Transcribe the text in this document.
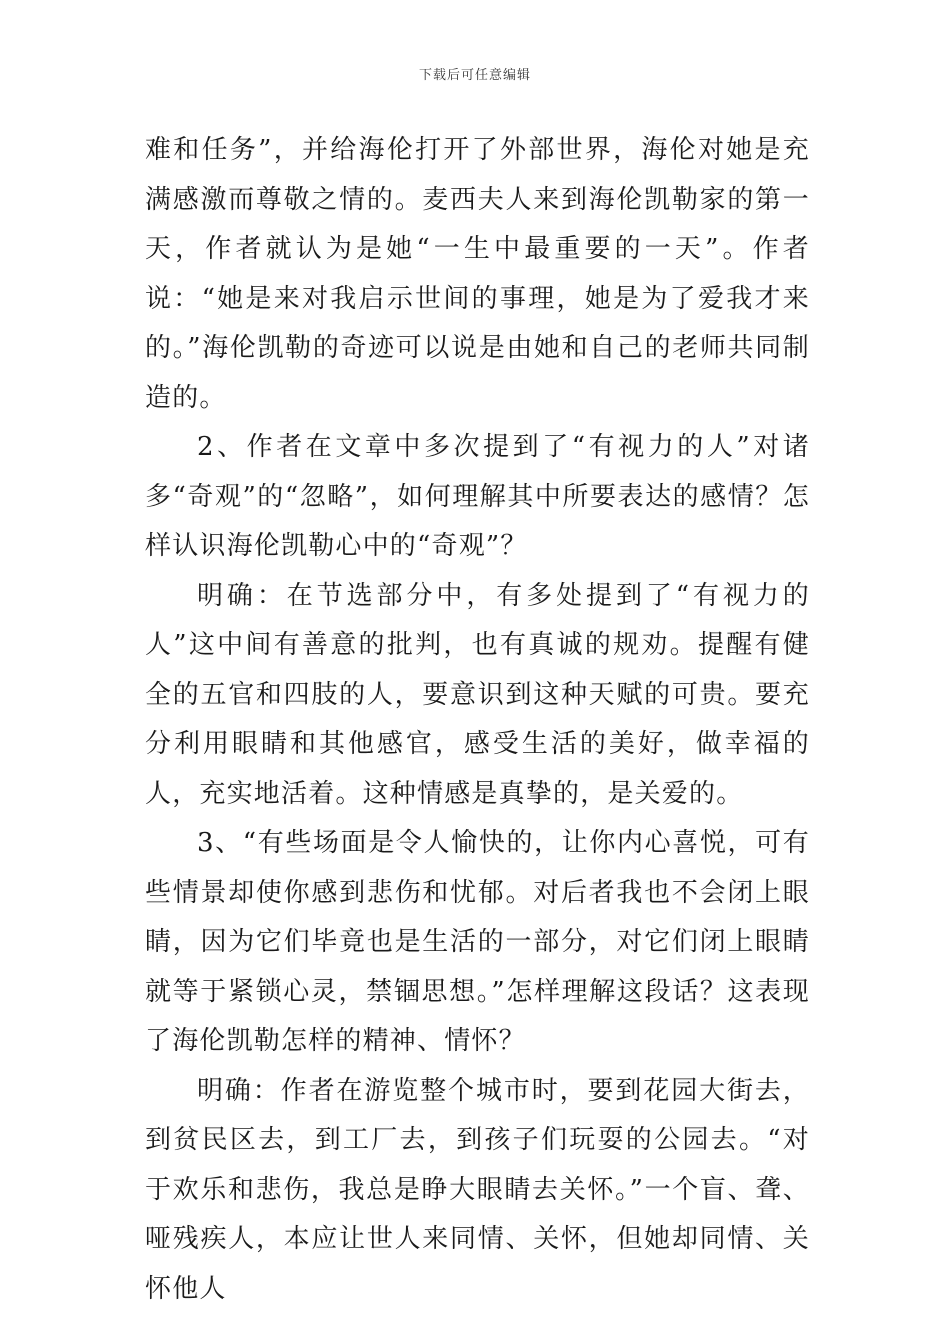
下载后可任意编辑

难和任务”，并给海伦打开了外部世界，海伦对她是充满感激而尊敬之情的。麦西夫人来到海伦凯勒家的第一天，作者就认为是她“一生中最重要的一天”。作者说：“她是来对我启示世间的事理，她是为了爱我才来的。”海伦凯勒的奇迹可以说是由她和自己的老师共同制造的。

2、作者在文章中多次提到了“有视力的人”对诸多“奇观”的“忽略”，如何理解其中所要表达的感情？怎样认识海伦凯勒心中的“奇观”？

明确：在节选部分中，有多处提到了“有视力的人”这中间有善意的批判，也有真诚的规劝。提醒有健全的五官和四肢的人，要意识到这种天赋的可贵。要充分利用眼睛和其他感官，感受生活的美好，做幸福的人，充实地活着。这种情感是真挚的，是关爱的。

3、“有些场面是令人愉快的，让你内心喜悦，可有些情景却使你感到悲伤和忧郁。对后者我也不会闭上眼睛，因为它们毕竟也是生活的一部分，对它们闭上眼睛就等于紧锁心灵，禁锢思想。”怎样理解这段话？这表现了海伦凯勒怎样的精神、情怀？

明确：作者在游览整个城市时，要到花园大街去，到贫民区去，到工厂去，到孩子们玩耍的公园去。“对于欢乐和悲伤，我总是睁大眼睛去关怀。”一个盲、聋、哑残疾人，本应让世人来同情、关怀，但她却同情、关怀他人
